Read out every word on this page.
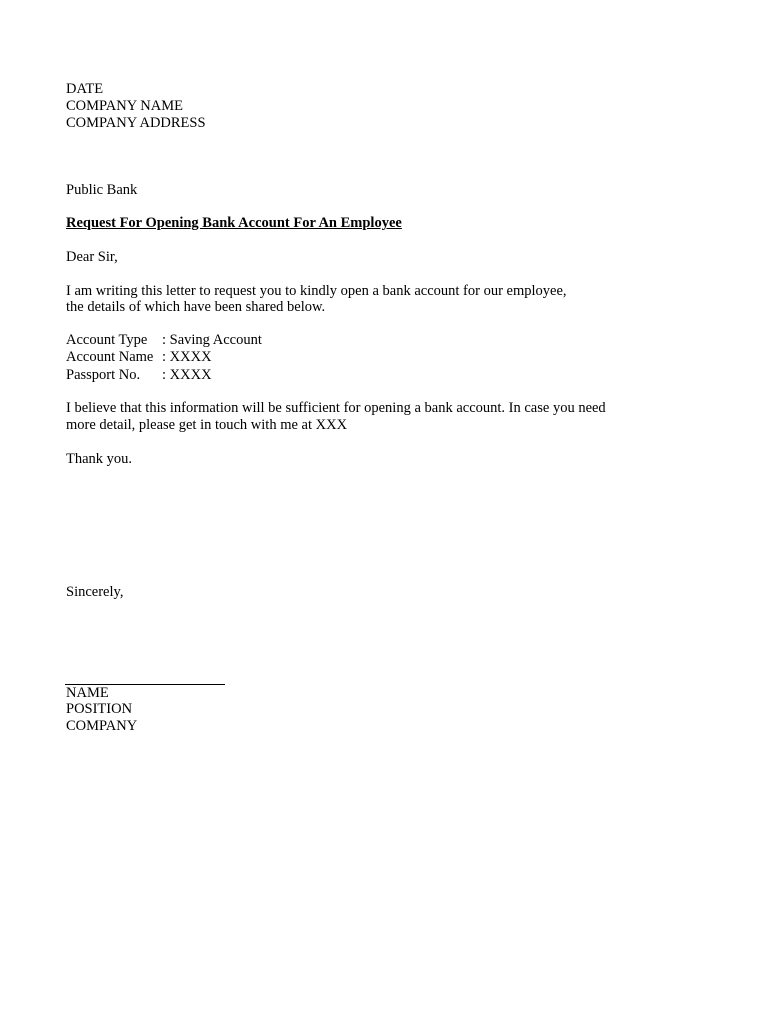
DATE
COMPANY NAME
COMPANY ADDRESS
Public Bank
Request For Opening Bank Account For An Employee
Dear Sir,
I am writing this letter to request you to kindly open a bank account for our employee,
the details of which have been shared below.
Account Type : Saving Account
Account Name : XXXX
Passport No. : XXXX
I believe that this information will be sufficient for opening a bank account. In case you need
more detail, please get in touch with me at XXX
Thank you.
Sincerely,
NAME
POSITION
COMPANY
